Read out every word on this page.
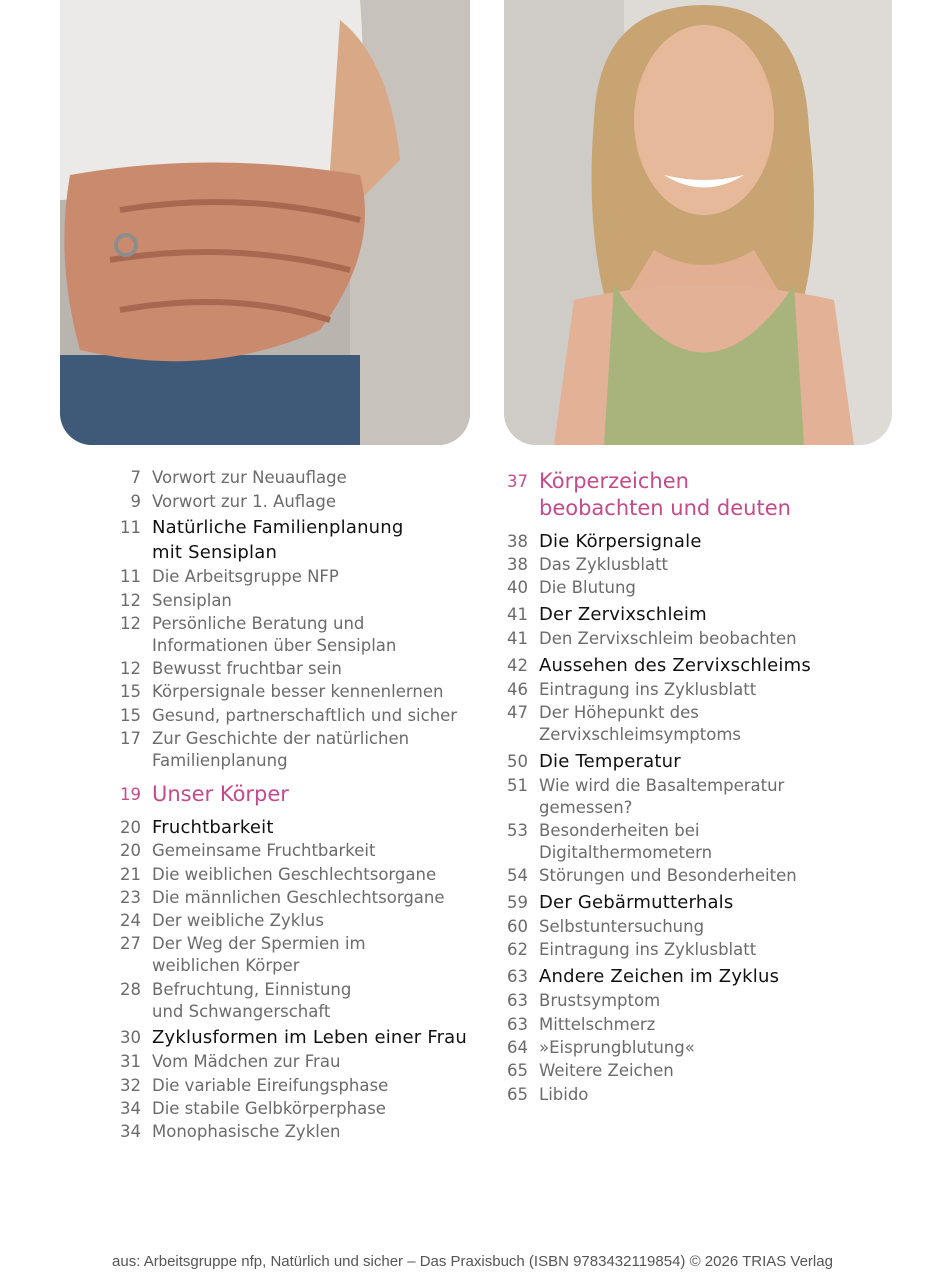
7 Vorwort zur Neuauflage
9 Vorwort zur 1. Auflage
11 Natürliche Familienplanung
mit Sensiplan
11 Die Arbeitsgruppe NFP
12 Sensiplan
12 Persönliche Beratung und
Informationen über Sensiplan
12 Bewusst fruchtbar sein
15 Körpersignale besser kennenlernen
15 Gesund, partnerschaftlich und sicher
17 Zur Geschichte der natürlichen
Familienplanung
19 Unser Körper
20 Fruchtbarkeit
20 Gemeinsame Fruchtbarkeit
21 Die weiblichen Geschlechtsorgane
23 Die männlichen Geschlechtsorgane
24 Der weibliche Zyklus
27 Der Weg der Spermien im
weiblichen Körper
28 Befruchtung, Einnistung
und Schwangerschaft
30 Zyklusformen im Leben einer Frau
31 Vom Mädchen zur Frau
32 Die variable Eireifungsphase
34 Die stabile Gelbkörperphase
34 Monophasische Zyklen
37 Körperzeichen
beobachten und deuten
38 Die Körpersignale
38 Das Zyklusblatt
40 Die Blutung
41 Der Zervixschleim
41 Den Zervixschleim beobachten
42 Aussehen des Zervixschleims
46 Eintragung ins Zyklusblatt
47 Der Höhepunkt des
Zervixschleimsymptoms
50 Die Temperatur
51 Wie wird die Basaltemperatur
gemessen?
53 Besonderheiten bei
Digitalthermometern
54 Störungen und Besonderheiten
59 Der Gebärmutterhals
60 Selbstuntersuchung
62 Eintragung ins Zyklusblatt
63 Andere Zeichen im Zyklus
63 Brustsymptom
63 Mittelschmerz
64 »Eisprungblutung«
65 Weitere Zeichen
65 Libido
aus: Arbeitsgruppe nfp, Natürlich und sicher – Das Praxisbuch (ISBN 9783432119854) © 2026 TRIAS Verlag
